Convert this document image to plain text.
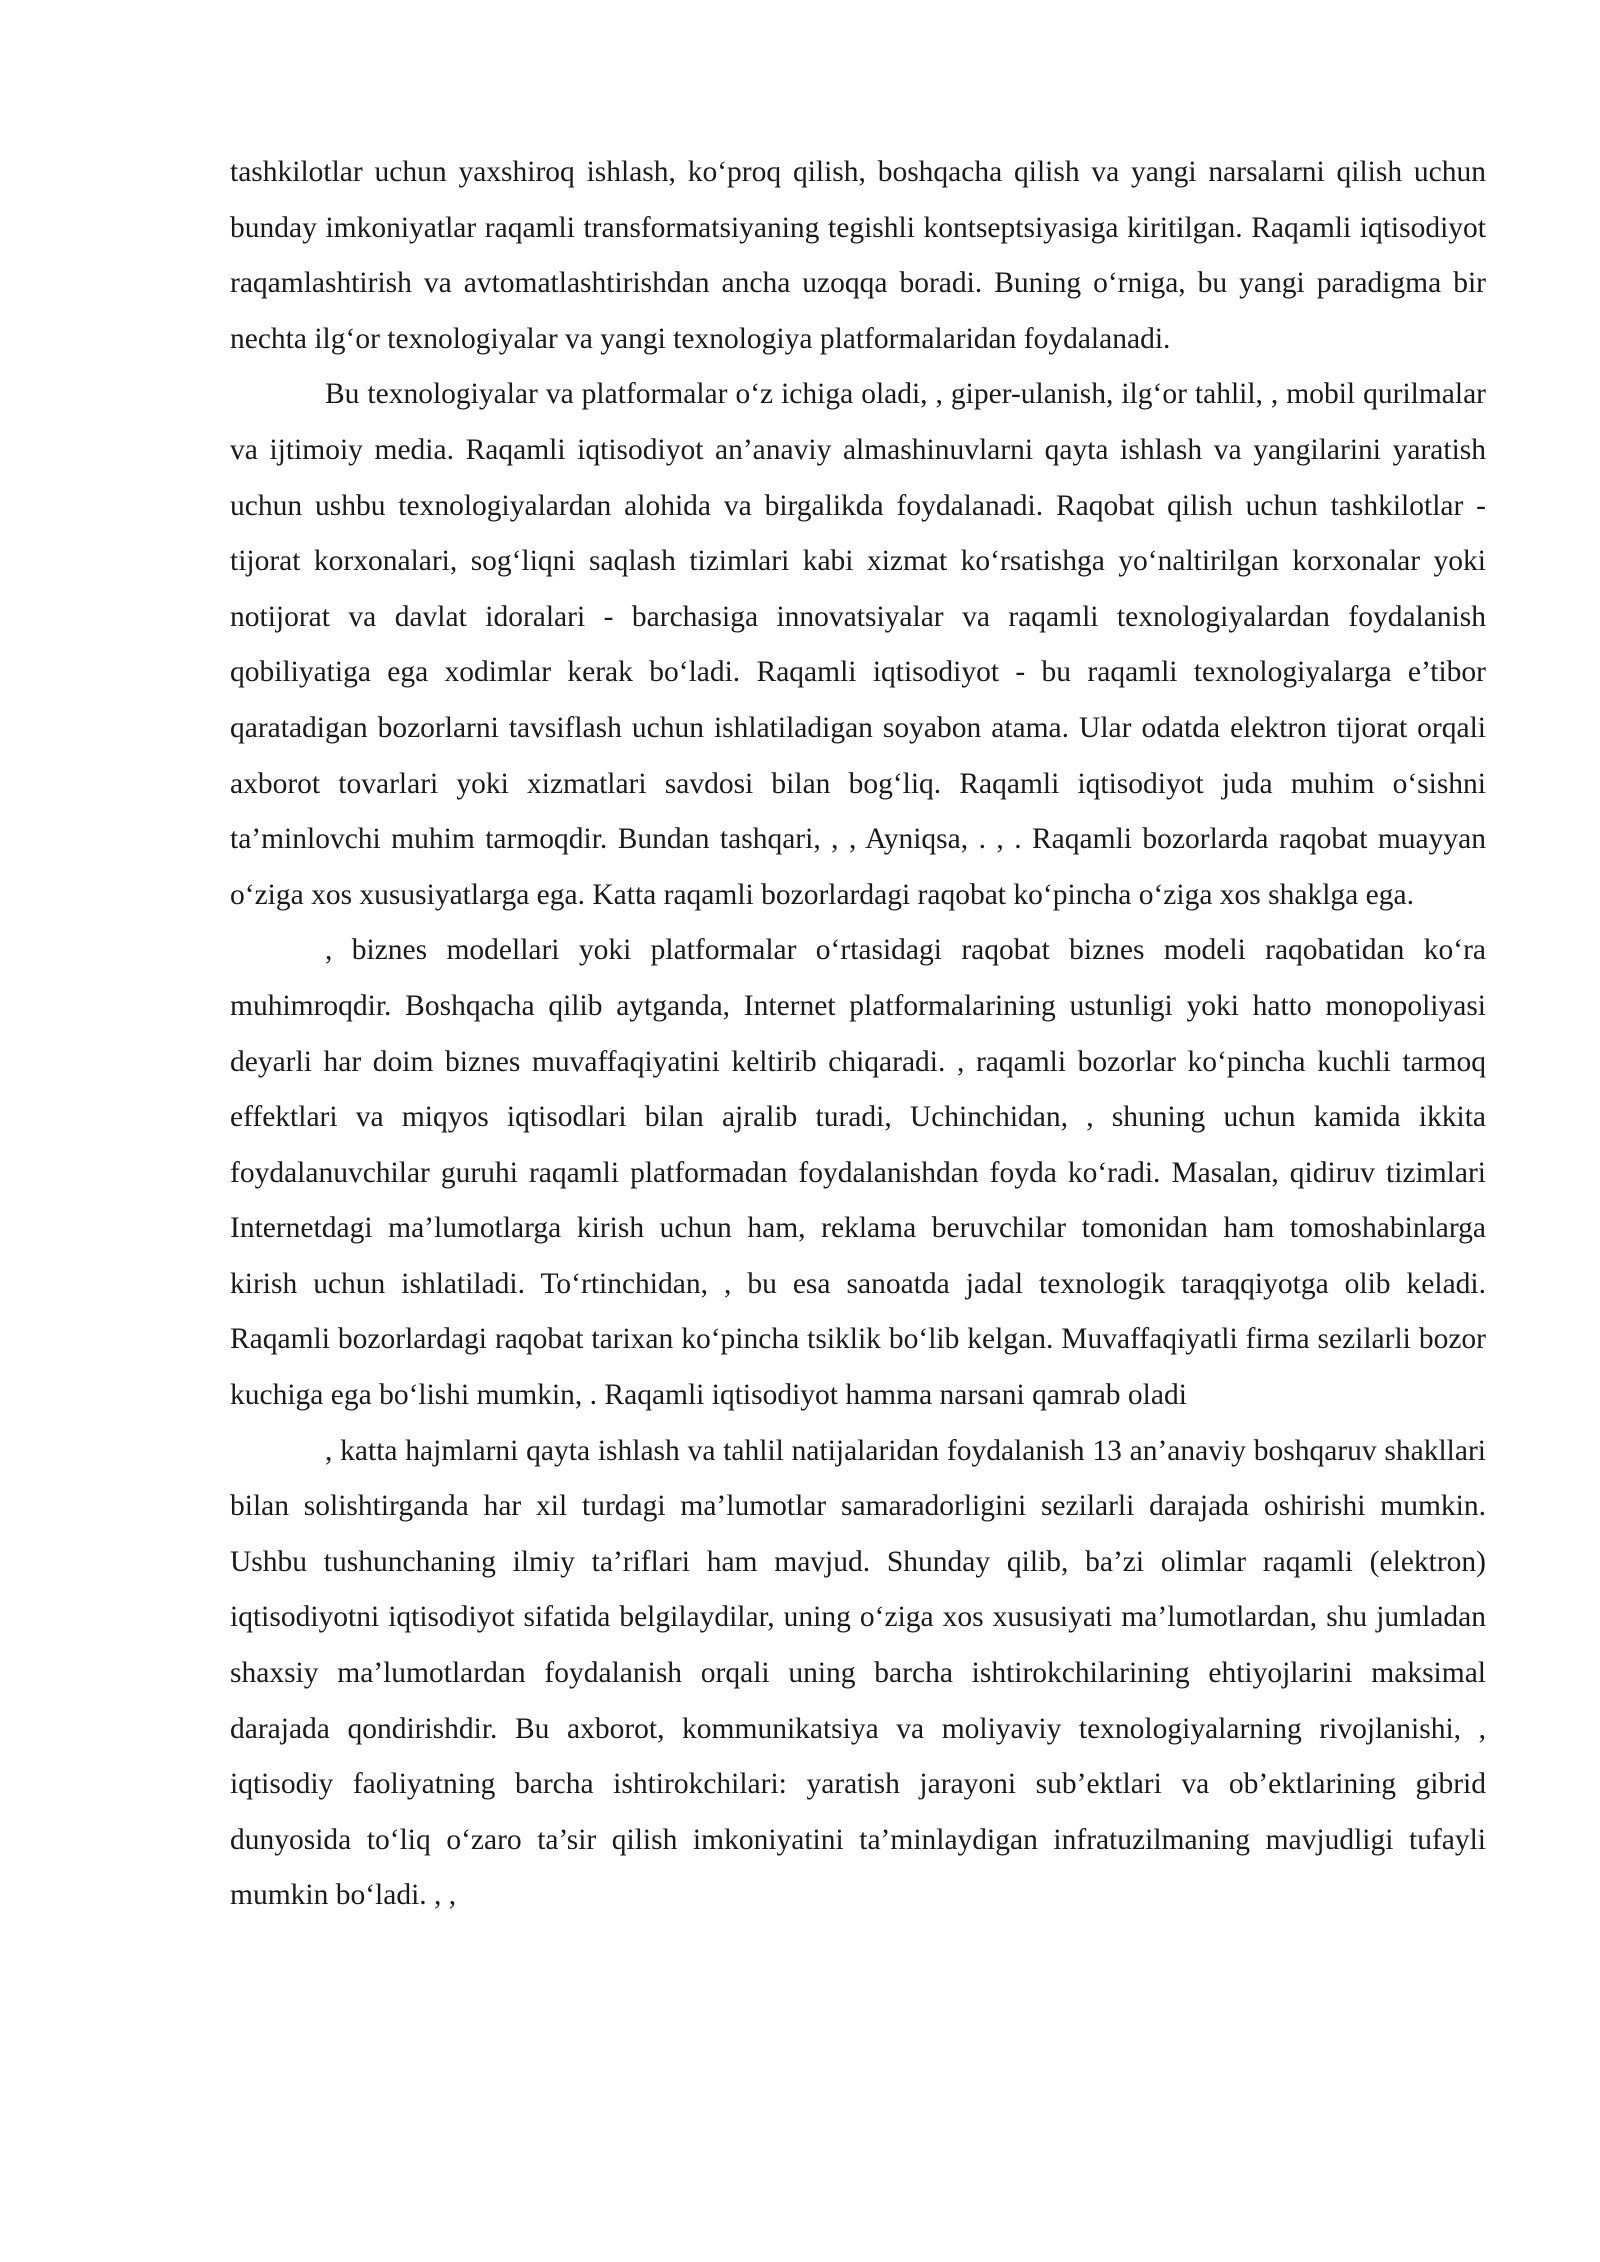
tashkilotlar uchun yaxshiroq ishlash, ko‘proq qilish, boshqacha qilish va yangi narsalarni qilish uchun bunday imkoniyatlar raqamli transformatsiyaning tegishli kontseptsiyasiga kiritilgan. Raqamli iqtisodiyot raqamlashtirish va avtomatlashtirishdan ancha uzoqqa boradi. Buning o‘rniga, bu yangi paradigma bir nechta ilg‘or texnologiyalar va yangi texnologiya platformalaridan foydalanadi.

Bu texnologiyalar va platformalar o‘z ichiga oladi, , giper-ulanish, ilg‘or tahlil, , mobil qurilmalar va ijtimoiy media. Raqamli iqtisodiyot an’anaviy almashinuvlarni qayta ishlash va yangilarini yaratish uchun ushbu texnologiyalardan alohida va birgalikda foydalanadi. Raqobat qilish uchun tashkilotlar - tijorat korxonalari, sog‘liqni saqlash tizimlari kabi xizmat ko‘rsatishga yo‘naltirilgan korxonalar yoki notijorat va davlat idoralari - barchasiga innovatsiyalar va raqamli texnologiyalardan foydalanish qobiliyatiga ega xodimlar kerak bo‘ladi. Raqamli iqtisodiyot - bu raqamli texnologiyalarga e’tibor qaratadigan bozorlarni tavsiflash uchun ishlatiladigan soyabon atama. Ular odatda elektron tijorat orqali axborot tovarlari yoki xizmatlari savdosi bilan bog‘liq. Raqamli iqtisodiyot juda muhim o‘sishni ta’minlovchi muhim tarmoqdir. Bundan tashqari, , , Ayniqsa, . , . Raqamli bozorlarda raqobat muayyan o‘ziga xos xususiyatlarga ega. Katta raqamli bozorlardagi raqobat ko‘pincha o‘ziga xos shaklga ega.

, biznes modellari yoki platformalar o‘rtasidagi raqobat biznes modeli raqobatidan ko‘ra muhimroqdir. Boshqacha qilib aytganda, Internet platformalarining ustunligi yoki hatto monopoliyasi deyarli har doim biznes muvaffaqiyatini keltirib chiqaradi. , raqamli bozorlar ko‘pincha kuchli tarmoq effektlari va miqyos iqtisodlari bilan ajralib turadi, Uchinchidan, , shuning uchun kamida ikkita foydalanuvchilar guruhi raqamli platformadan foydalanishdan foyda ko‘radi. Masalan, qidiruv tizimlari Internetdagi ma’lumotlarga kirish uchun ham, reklama beruvchilar tomonidan ham tomoshabinlarga kirish uchun ishlatiladi. To‘rtinchidan, , bu esa sanoatda jadal texnologik taraqqiyotga olib keladi. Raqamli bozorlardagi raqobat tarixan ko‘pincha tsiklik bo‘lib kelgan. Muvaffaqiyatli firma sezilarli bozor kuchiga ega bo‘lishi mumkin, . Raqamli iqtisodiyot hamma narsani qamrab oladi

, katta hajmlarni qayta ishlash va tahlil natijalaridan foydalanish 13 an’anaviy boshqaruv shakllari bilan solishtirganda har xil turdagi ma’lumotlar samaradorligini sezilarli darajada oshirishi mumkin. Ushbu tushunchaning ilmiy ta’riflari ham mavjud. Shunday qilib, ba’zi olimlar raqamli (elektron) iqtisodiyotni iqtisodiyot sifatida belgilaydilar, uning o‘ziga xos xususiyati ma’lumotlardan, shu jumladan shaxsiy ma’lumotlardan foydalanish orqali uning barcha ishtirokchilarining ehtiyojlarini maksimal darajada qondirishdir. Bu axborot, kommunikatsiya va moliyaviy texnologiyalarning rivojlanishi, , iqtisodiy faoliyatning barcha ishtirokchilari: yaratish jarayoni sub’ektlari va ob’ektlarining gibrid dunyosida to‘liq o‘zaro ta’sir qilish imkoniyatini ta’minlaydigan infratuzilmaning mavjudligi tufayli mumkin bo‘ladi. , ,
